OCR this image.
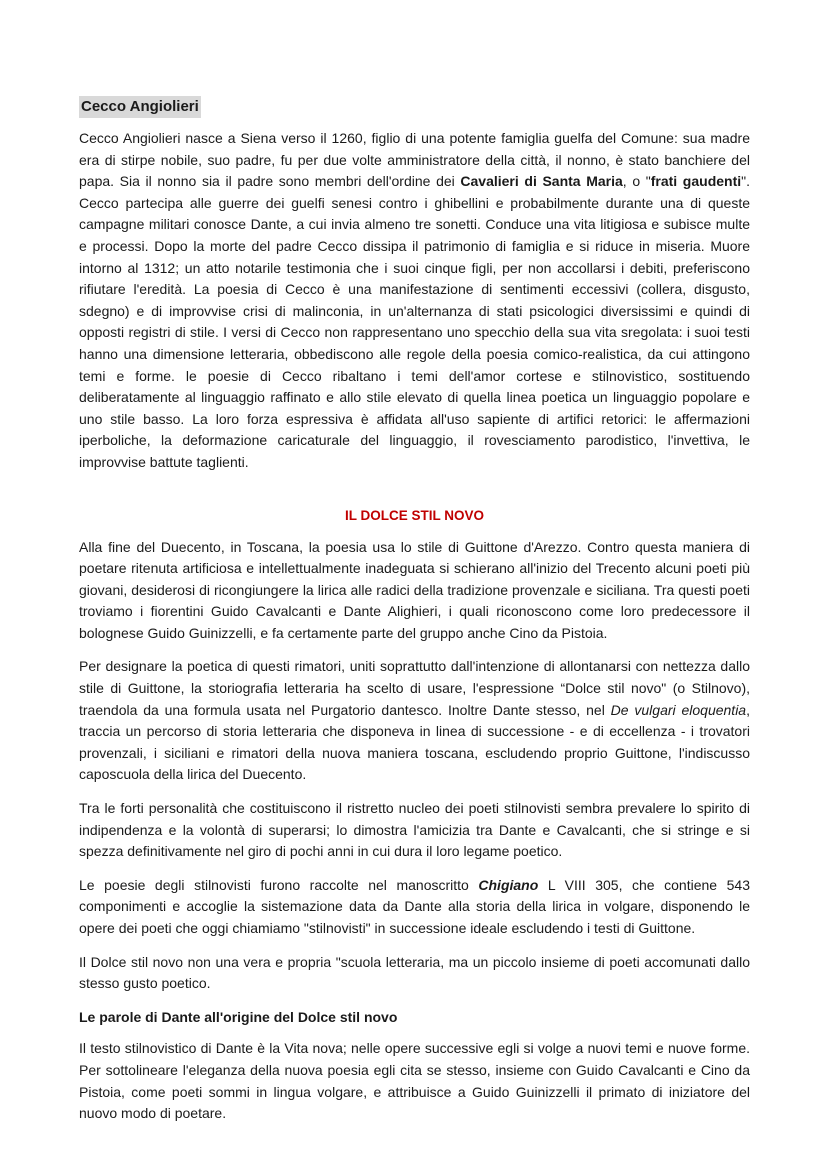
Cecco Angiolieri

Cecco Angiolieri nasce a Siena verso il 1260, figlio di una potente famiglia guelfa del Comune: sua madre era di stirpe nobile, suo padre, fu per due volte amministratore della città, il nonno, è stato banchiere del papa. Sia il nonno sia il padre sono membri dell'ordine dei Cavalieri di Santa Maria, o "frati gaudenti". Cecco partecipa alle guerre dei guelfi senesi contro i ghibellini e probabilmente durante una di queste campagne militari conosce Dante, a cui invia almeno tre sonetti. Conduce una vita litigiosa e subisce multe e processi. Dopo la morte del padre Cecco dissipa il patrimonio di famiglia e si riduce in miseria. Muore intorno al 1312; un atto notarile testimonia che i suoi cinque figli, per non accollarsi i debiti, preferiscono rifiutare l'eredità. La poesia di Cecco è una manifestazione di sentimenti eccessivi (collera, disgusto, sdegno) e di improvvise crisi di malinconia, in un'alternanza di stati psicologici diversissimi e quindi di opposti registri di stile. I versi di Cecco non rappresentano uno specchio della sua vita sregolata: i suoi testi hanno una dimensione letteraria, obbediscono alle regole della poesia comico-realistica, da cui attingono temi e forme. le poesie di Cecco ribaltano i temi dell'amor cortese e stilnovistico, sostituendo deliberatamente al linguaggio raffinato e allo stile elevato di quella linea poetica un linguaggio popolare e uno stile basso. La loro forza espressiva è affidata all'uso sapiente di artifici retorici: le affermazioni iperboliche, la deformazione caricaturale del linguaggio, il rovesciamento parodistico, l'invettiva, le improvvise battute taglienti.

IL DOLCE STIL NOVO

Alla fine del Duecento, in Toscana, la poesia usa lo stile di Guittone d'Arezzo. Contro questa maniera di poetare ritenuta artificiosa e intellettualmente inadeguata si schierano all'inizio del Trecento alcuni poeti più giovani, desiderosi di ricongiungere la lirica alle radici della tradizione provenzale e siciliana. Tra questi poeti troviamo i fiorentini Guido Cavalcanti e Dante Alighieri, i quali riconoscono come loro predecessore il bolognese Guido Guinizzelli, e fa certamente parte del gruppo anche Cino da Pistoia.

Per designare la poetica di questi rimatori, uniti soprattutto dall'intenzione di allontanarsi con nettezza dallo stile di Guittone, la storiografia letteraria ha scelto di usare, l'espressione “Dolce stil novo" (o Stilnovo), traendola da una formula usata nel Purgatorio dantesco. Inoltre Dante stesso, nel De vulgari eloquentia, traccia un percorso di storia letteraria che disponeva in linea di successione - e di eccellenza - i trovatori provenzali, i siciliani e rimatori della nuova maniera toscana, escludendo proprio Guittone, l'indiscusso caposcuola della lirica del Duecento.

Tra le forti personalità che costituiscono il ristretto nucleo dei poeti stilnovisti sembra prevalere lo spirito di indipendenza e la volontà di superarsi; lo dimostra l'amicizia tra Dante e Cavalcanti, che si stringe e si spezza definitivamente nel giro di pochi anni in cui dura il loro legame poetico.

Le poesie degli stilnovisti furono raccolte nel manoscritto Chigiano L VIII 305, che contiene 543 componimenti e accoglie la sistemazione data da Dante alla storia della lirica in volgare, disponendo le opere dei poeti che oggi chiamiamo "stilnovisti" in successione ideale escludendo i testi di Guittone.

Il Dolce stil novo non una vera e propria "scuola letteraria, ma un piccolo insieme di poeti accomunati dallo stesso gusto poetico.

Le parole di Dante all'origine del Dolce stil novo

Il testo stilnovistico di Dante è la Vita nova; nelle opere successive egli si volge a nuovi temi e nuove forme. Per sottolineare l'eleganza della nuova poesia egli cita se stesso, insieme con Guido Cavalcanti e Cino da Pistoia, come poeti sommi in lingua volgare, e attribuisce a Guido Guinizzelli il primato di iniziatore del nuovo modo di poetare.
